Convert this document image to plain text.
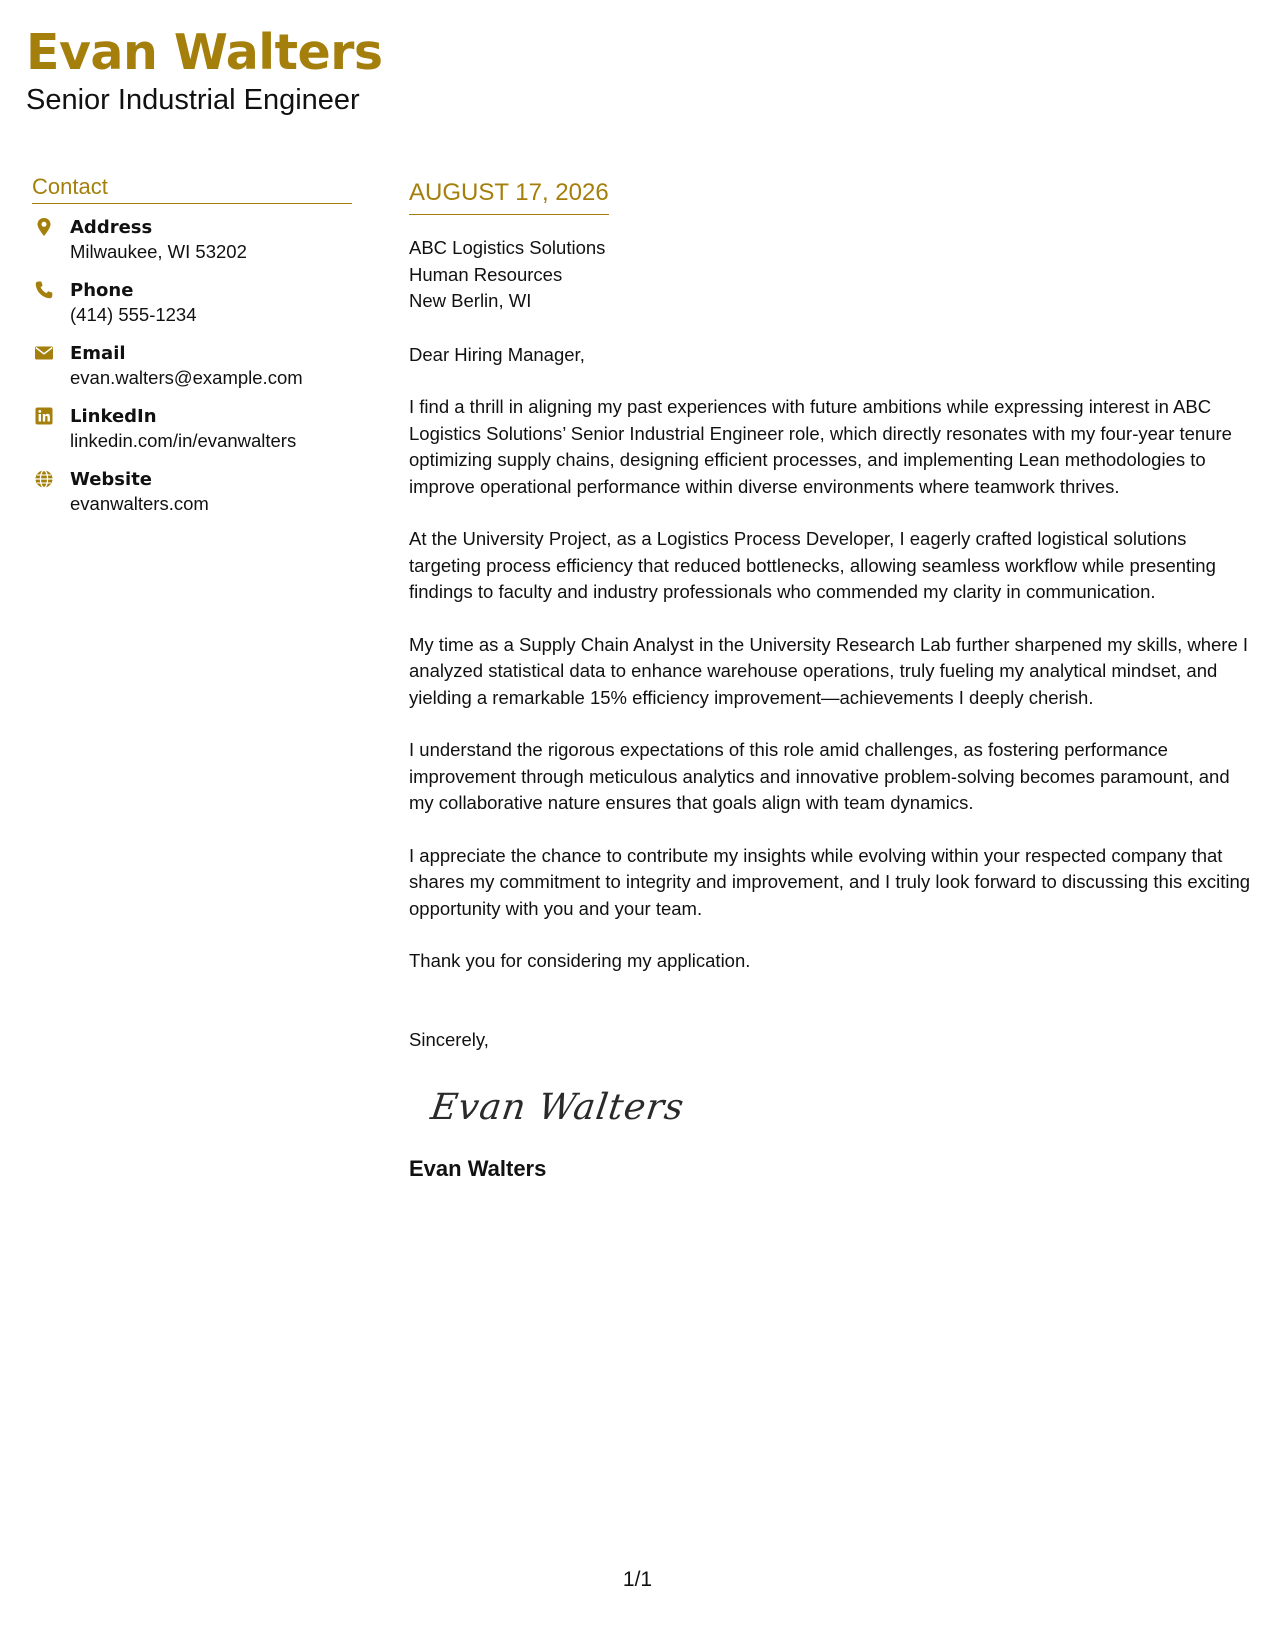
Evan Walters
Senior Industrial Engineer
Contact
Address
Milwaukee, WI 53202
Phone
(414) 555-1234
Email
evan.walters@example.com
LinkedIn
linkedin.com/in/evanwalters
Website
evanwalters.com
AUGUST 17, 2026
ABC Logistics Solutions
Human Resources
New Berlin, WI
Dear Hiring Manager,
I find a thrill in aligning my past experiences with future ambitions while expressing interest in ABC Logistics Solutions’ Senior Industrial Engineer role, which directly resonates with my four-year tenure optimizing supply chains, designing efficient processes, and implementing Lean methodologies to improve operational performance within diverse environments where teamwork thrives.
At the University Project, as a Logistics Process Developer, I eagerly crafted logistical solutions targeting process efficiency that reduced bottlenecks, allowing seamless workflow while presenting findings to faculty and industry professionals who commended my clarity in communication.
My time as a Supply Chain Analyst in the University Research Lab further sharpened my skills, where I analyzed statistical data to enhance warehouse operations, truly fueling my analytical mindset, and yielding a remarkable 15% efficiency improvement—achievements I deeply cherish.
I understand the rigorous expectations of this role amid challenges, as fostering performance improvement through meticulous analytics and innovative problem-solving becomes paramount, and my collaborative nature ensures that goals align with team dynamics.
I appreciate the chance to contribute my insights while evolving within your respected company that shares my commitment to integrity and improvement, and I truly look forward to discussing this exciting opportunity with you and your team.
Thank you for considering my application.
Sincerely,
Evan Walters
Evan Walters
1/1
